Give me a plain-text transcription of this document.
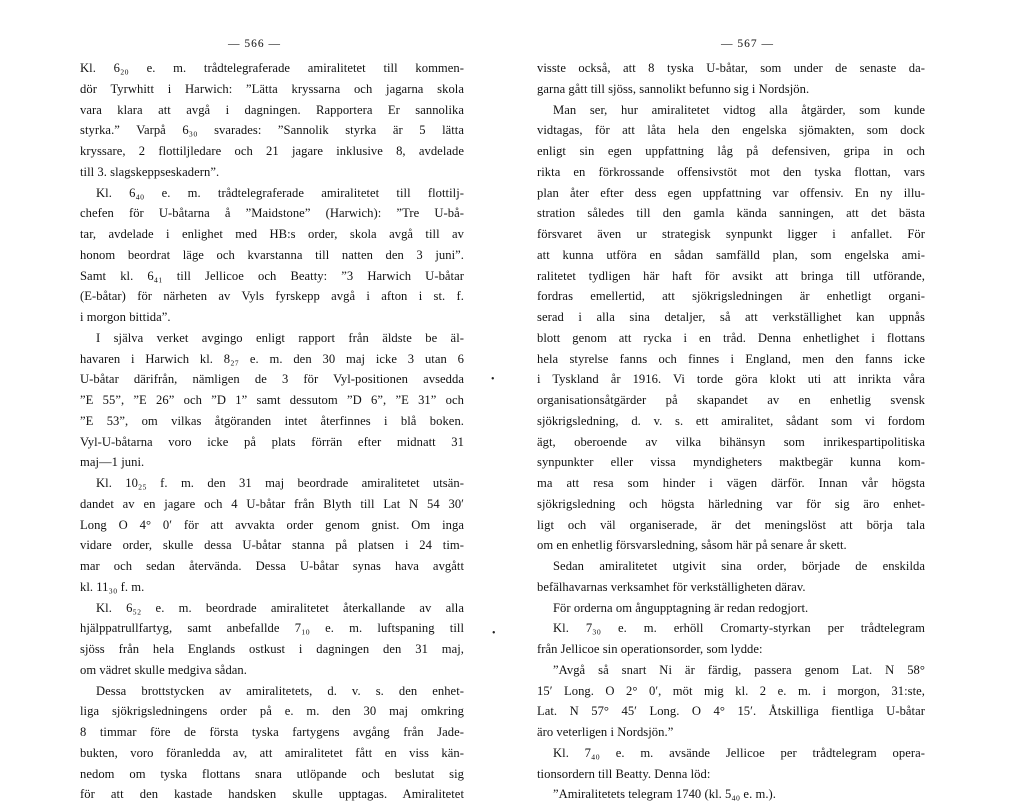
— 566 —
Kl. 6₂₀ e. m. trådtelegraferade amiralitetet till kommen-
dör Tyrwhitt i Harwich: ”Lätta kryssarna och jagarna skola
vara klara att avgå i dagningen. Rapportera Er sannolika
styrka.” Varpå 6₃₀ svarades: ”Sannolik styrka är 5 lätta
kryssare, 2 flottiljledare och 21 jagare inklusive 8, avdelade
till 3. slagskeppseskadern”.
Kl. 6₄₀ e. m. trådtelegraferade amiralitetet till flottilj-
chefen för U-båtarna å ”Maidstone” (Harwich): ”Tre U-bå-
tar, avdelade i enlighet med HB:s order, skola avgå till av
honom beordrat läge och kvarstanna till natten den 3 juni”.
Samt kl. 6₄₁ till Jellicoe och Beatty: ”3 Harwich U-båtar
(E-båtar) för närheten av Vyls fyrskepp avgå i afton i st. f.
i morgon bittida”.
I själva verket avgingo enligt rapport från äldste be äl-
havaren i Harwich kl. 8₂₇ e. m. den 30 maj icke 3 utan 6
U-båtar därifrån, nämligen de 3 för Vyl-positionen avsedda
”E 55”, ”E 26” och ”D 1” samt dessutom ”D 6”, ”E 31” och
”E 53”, om vilkas åtgöranden intet återfinnes i blå boken.
Vyl-U-båtarna voro icke på plats förrän efter midnatt 31
maj—1 juni.
Kl. 10₂₅ f. m. den 31 maj beordrade amiralitetet utsän-
dandet av en jagare och 4 U-båtar från Blyth till Lat N 54 30′
Long O 4° 0′ för att avvakta order genom gnist. Om inga
vidare order, skulle dessa U-båtar stanna på platsen i 24 tim-
mar och sedan återvända. Dessa U-båtar synas hava avgått
kl. 11₃₀ f. m.
Kl. 6₅₂ e. m. beordrade amiralitetet återkallande av alla
hjälppatrullfartyg, samt anbefallde 7₁₀ e. m. luftspaning till
sjöss från hela Englands ostkust i dagningen den 31 maj,
om vädret skulle medgiva sådan.
Dessa brottstycken av amiralitetets, d. v. s. den enhet-
liga sjökrigsledningens order på e. m. den 30 maj omkring
8 timmar före de första tyska fartygens avgång från Jade-
bukten, voro föranledda av, att amiralitetet fått en viss kän-
nedom om tyska flottans snara utlöpande och beslutat sig
för att den kastade handsken skulle upptagas. Amiralitetet
— 567 —
visste också, att 8 tyska U-båtar, som under de senaste da-
garna gått till sjöss, sannolikt befunno sig i Nordsjön.
Man ser, hur amiralitetet vidtog alla åtgärder, som kunde
vidtagas, för att låta hela den engelska sjömakten, som dock
enligt sin egen uppfattning låg på defensiven, gripa in och
rikta en förkrossande offensivstöt mot den tyska flottan, vars
plan åter efter dess egen uppfattning var offensiv. En ny illu-
stration således till den gamla kända sanningen, att det bästa
försvaret även ur strategisk synpunkt ligger i anfallet. För
att kunna utföra en sådan samfälld plan, som engelska ami-
ralitetet tydligen här haft för avsikt att bringa till utförande,
fordras emellertid, att sjökrigsledningen är enhetligt organi-
serad i alla sina detaljer, så att verkställighet kan uppnås
blott genom att rycka i en tråd. Denna enhetlighet i flottans
hela styrelse fanns och finnes i England, men den fanns icke
i Tyskland år 1916. Vi torde göra klokt uti att inrikta våra
organisationsåtgärder på skapandet av en enhetlig svensk
sjökrigsledning, d. v. s. ett amiralitet, sådant som vi fordom
ägt, oberoende av vilka bihänsyn som inrikespartipolitiska
synpunkter eller vissa myndigheters maktbegär kunna kom-
ma att resa som hinder i vägen därför. Innan vår högsta
sjökrigsledning och högsta härledning var för sig äro enhet-
ligt och väl organiserade, är det meningslöst att börja tala
om en enhetlig försvarsledning, såsom här på senare år skett.
Sedan amiralitetet utgivit sina order, började de enskilda
befälhavarnas verksamhet för verkställigheten därav.
För orderna om ångupptagning är redan redogjort.
Kl. 7₃₀ e. m. erhöll Cromarty-styrkan per trådtelegram
från Jellicoe sin operationsorder, som lydde:
”Avgå så snart Ni är färdig, passera genom Lat. N 58°
15′ Long. O 2° 0′, möt mig kl. 2 e. m. i morgon, 31:ste,
Lat. N 57° 45′ Long. O 4° 15′. Åtskilliga fientliga U-båtar
äro veterligen i Nordsjön.”
Kl. 7₄₀ e. m. avsände Jellicoe per trådtelegram opera-
tionsordern till Beatty. Denna löd:
”Amiralitetets telegram 1740 (kl. 5₄₀ e. m.).
•
•
